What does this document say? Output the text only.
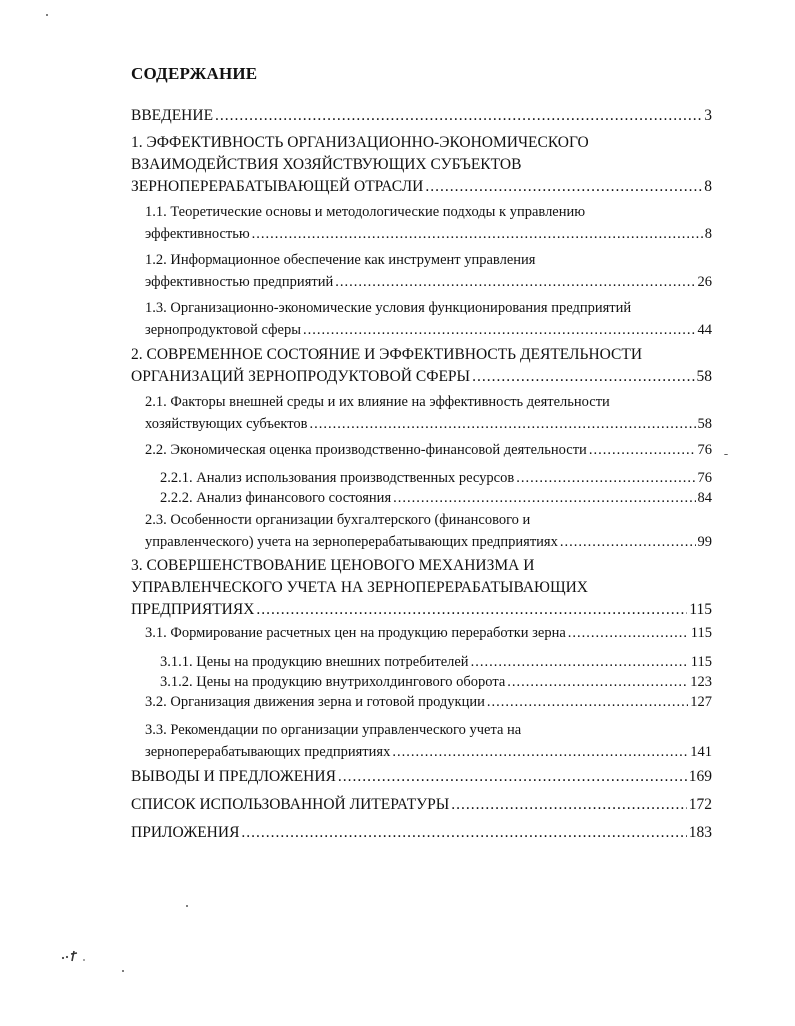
СОДЕРЖАНИЕ
ВВЕДЕНИЕ .....	3
1. ЭФФЕКТИВНОСТЬ ОРГАНИЗАЦИОННО-ЭКОНОМИЧЕСКОГО
ВЗАИМОДЕЙСТВИЯ ХОЗЯЙСТВУЮЩИХ СУБЪЕКТОВ
ЗЕРНОПЕРЕРАБАТЫВАЮЩЕЙ ОТРАСЛИ .....	8
1.1. Теоретические основы и методологические подходы к управлению
эффективностью .....	8
1.2. Информационное обеспечение как инструмент управления
эффективностью предприятий .....	26
1.3. Организационно-экономические условия функционирования предприятий
зернопродуктовой сферы .....	44
2. СОВРЕМЕННОЕ СОСТОЯНИЕ И ЭФФЕКТИВНОСТЬ ДЕЯТЕЛЬНОСТИ
ОРГАНИЗАЦИЙ ЗЕРНОПРОДУКТОВОЙ СФЕРЫ .....	58
2.1. Факторы внешней среды и их влияние на эффективность деятельности
хозяйствующих субъектов .....	58
2.2. Экономическая оценка производственно-финансовой деятельности .....	76
2.2.1. Анализ использования производственных ресурсов .....	76
2.2.2. Анализ финансового состояния .....	84
2.3. Особенности организации бухгалтерского (финансового и
управленческого) учета на зерноперерабатывающих предприятиях .....	99
3. СОВЕРШЕНСТВОВАНИЕ ЦЕНОВОГО МЕХАНИЗМА И
УПРАВЛЕНЧЕСКОГО УЧЕТА НА ЗЕРНОПЕРЕРАБАТЫВАЮЩИХ
ПРЕДПРИЯТИЯХ .....	115
3.1. Формирование расчетных цен на продукцию переработки зерна .....	115
3.1.1. Цены на продукцию внешних потребителей .....	115
3.1.2. Цены на продукцию внутрихолдингового оборота .....	123
3.2. Организация движения зерна и готовой продукции .....	127
3.3. Рекомендации по организации управленческого учета на
зерноперерабатывающих предприятиях .....	141
ВЫВОДЫ И ПРЕДЛОЖЕНИЯ .....	169
СПИСОК ИСПОЛЬЗОВАННОЙ ЛИТЕРАТУРЫ .....	172
ПРИЛОЖЕНИЯ .....	183
